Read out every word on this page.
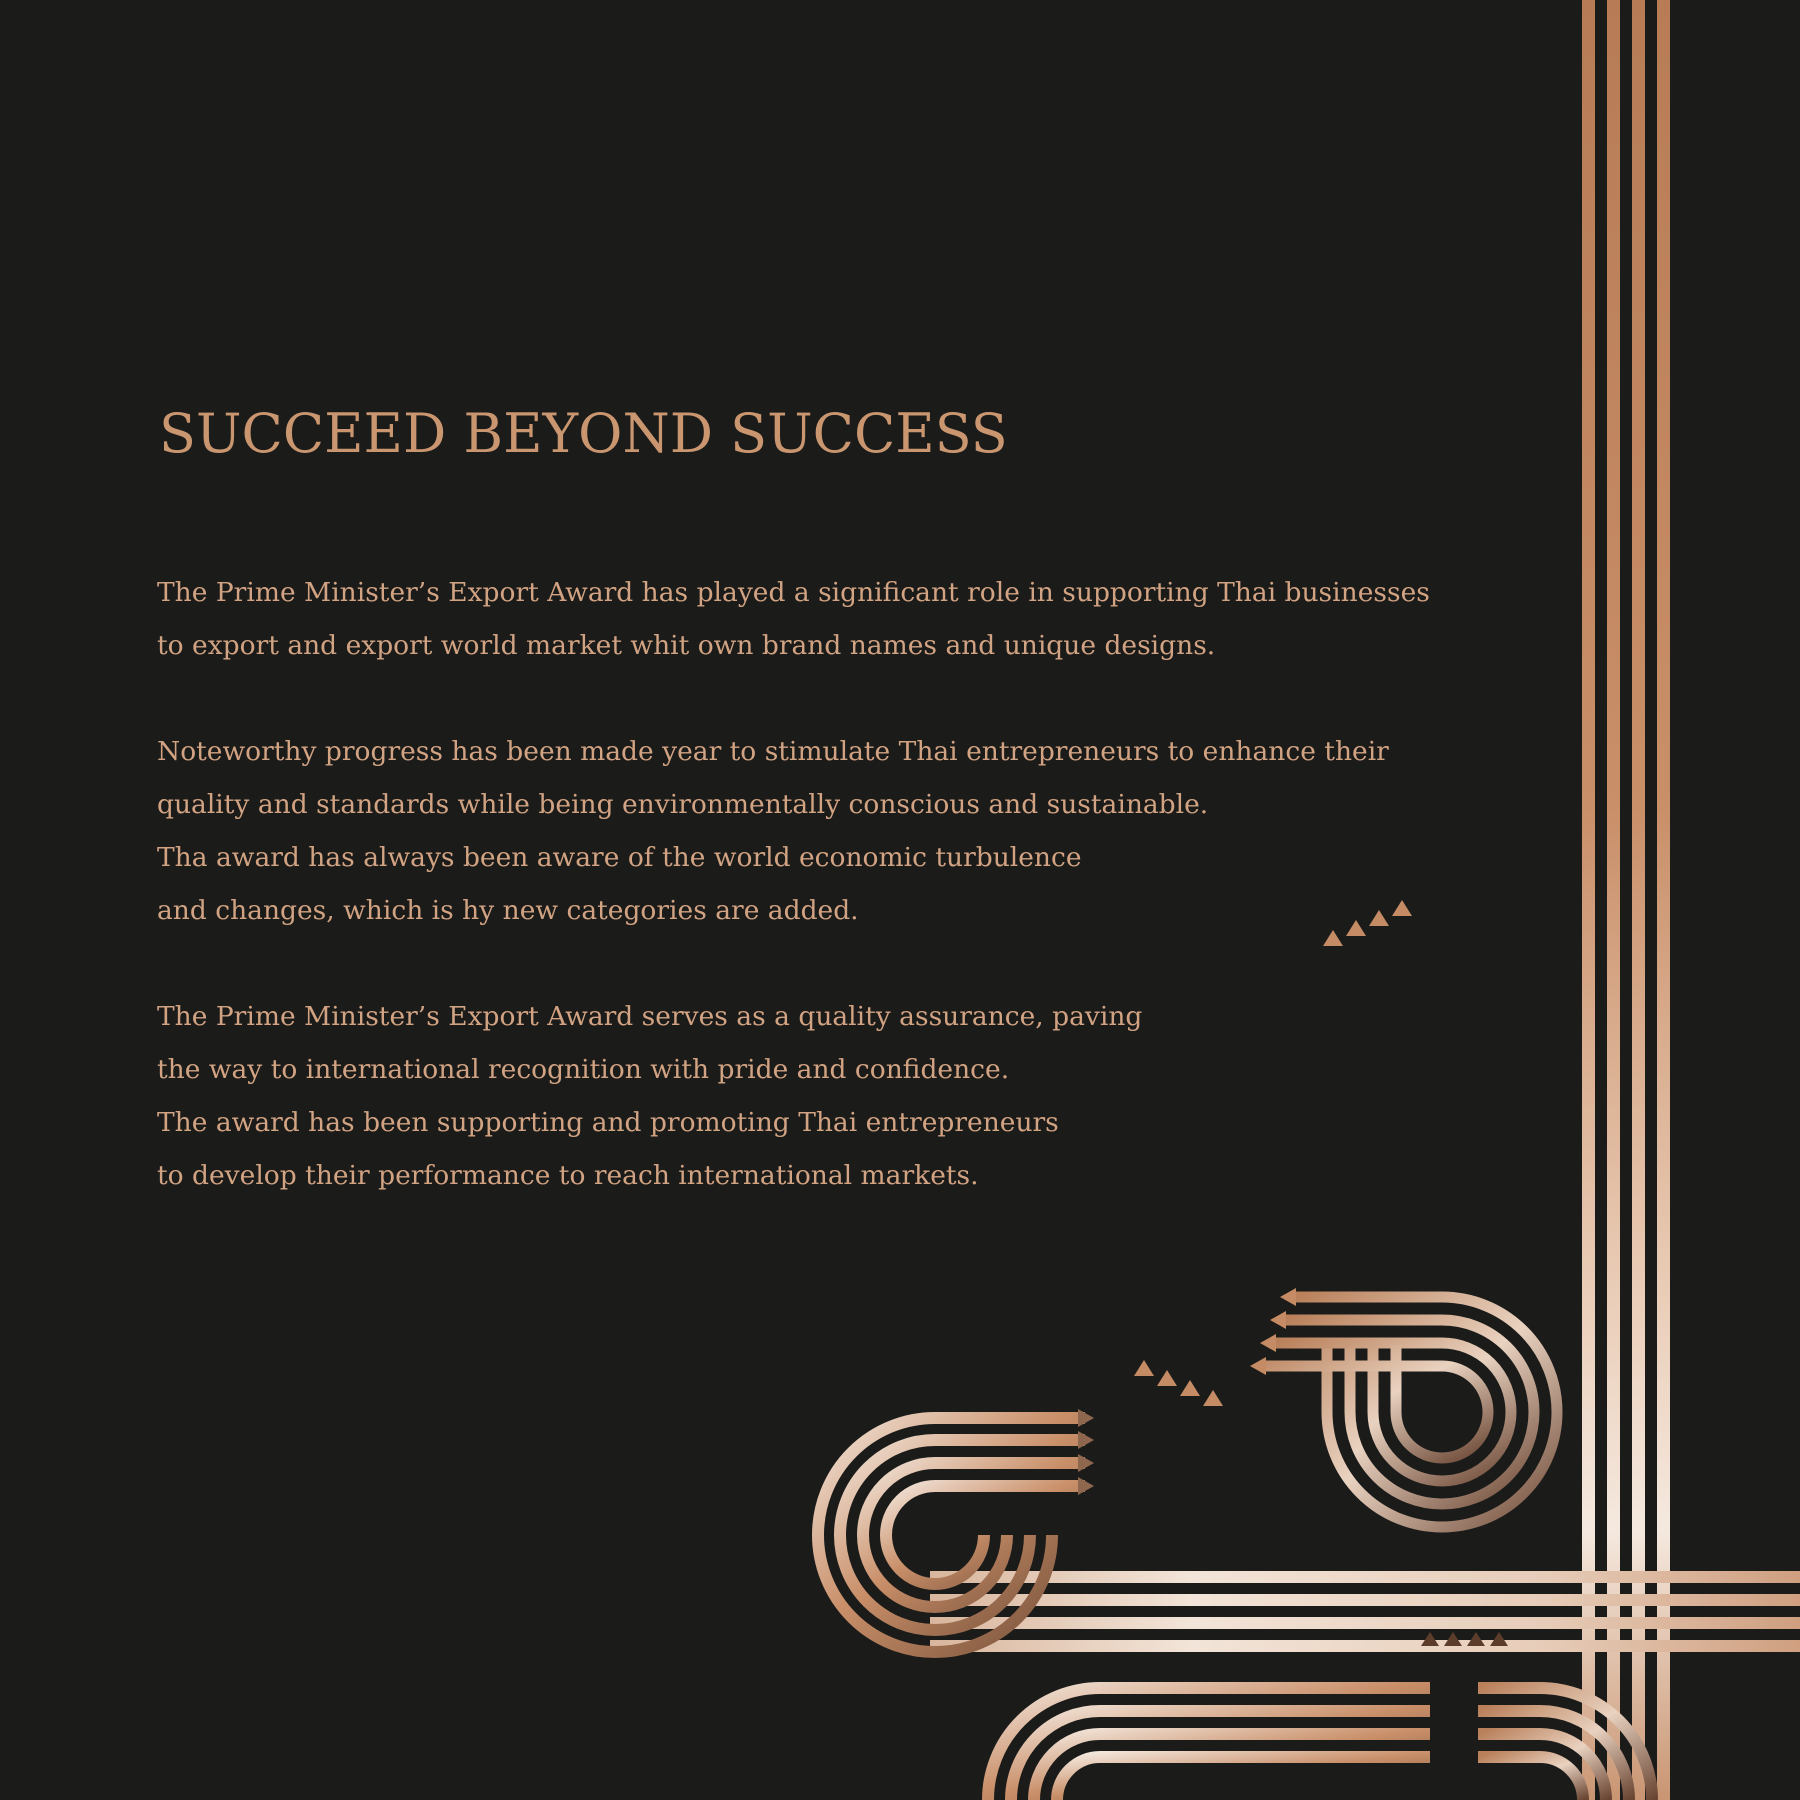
SUCCEED BEYOND SUCCESS

The Prime Minister’s Export Award has played a significant role in supporting Thai businesses
to export and export world market whit own brand names and unique designs.

Noteworthy progress has been made year to stimulate Thai entrepreneurs to enhance their
quality and standards while being environmentally conscious and sustainable.
Tha award has always been aware of the world economic turbulence
and changes, which is hy new categories are added.

The Prime Minister’s Export Award serves as a quality assurance, paving
the way to international recognition with pride and confidence.
The award has been supporting and promoting Thai entrepreneurs
to develop their performance to reach international markets.
